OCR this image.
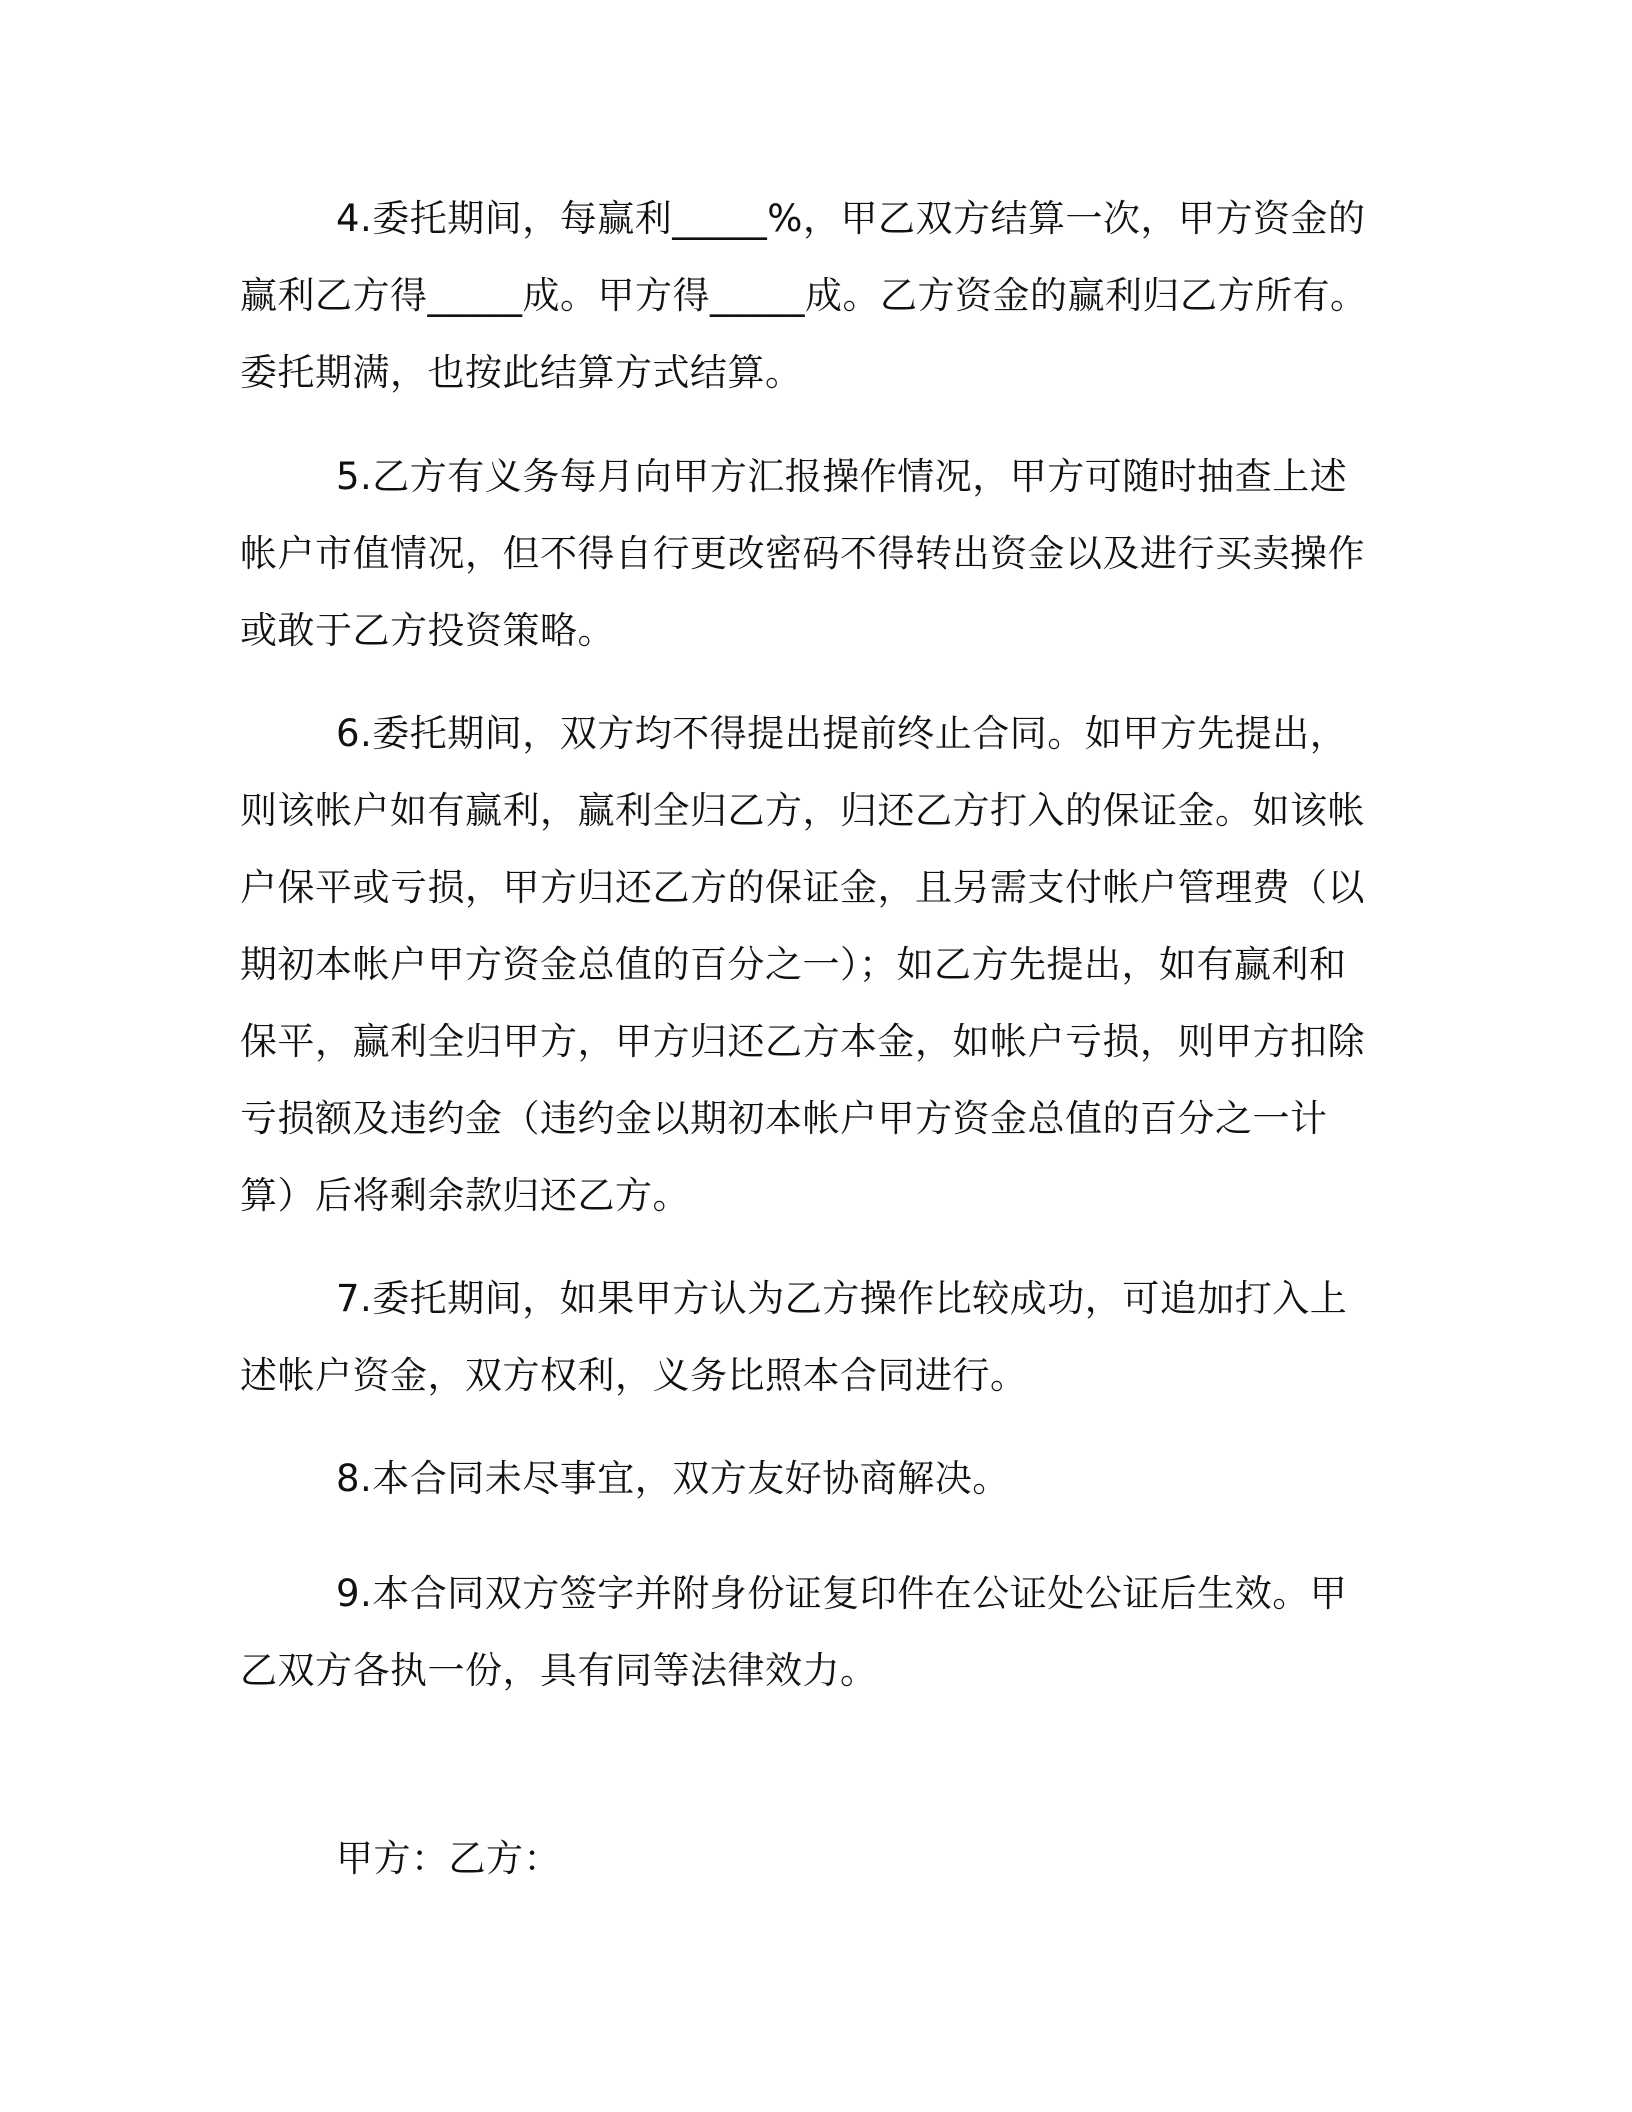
4.委托期间，每赢利_____%，甲乙双方结算一次，甲方资金的赢利乙方得_____成。甲方得_____成。乙方资金的赢利归乙方所有。委托期满，也按此结算方式结算。

5.乙方有义务每月向甲方汇报操作情况，甲方可随时抽查上述帐户市值情况，但不得自行更改密码不得转出资金以及进行买卖操作或敢于乙方投资策略。

6.委托期间，双方均不得提出提前终止合同。如甲方先提出，则该帐户如有赢利，赢利全归乙方，归还乙方打入的保证金。如该帐户保平或亏损，甲方归还乙方的保证金，且另需支付帐户管理费（以期初本帐户甲方资金总值的百分之一）；如乙方先提出，如有赢利和保平，赢利全归甲方，甲方归还乙方本金，如帐户亏损，则甲方扣除亏损额及违约金（违约金以期初本帐户甲方资金总值的百分之一计算）后将剩余款归还乙方。

7.委托期间，如果甲方认为乙方操作比较成功，可追加打入上述帐户资金，双方权利，义务比照本合同进行。

8.本合同未尽事宜，双方友好协商解决。

9.本合同双方签字并附身份证复印件在公证处公证后生效。甲乙双方各执一份，具有同等法律效力。

甲方：乙方：
